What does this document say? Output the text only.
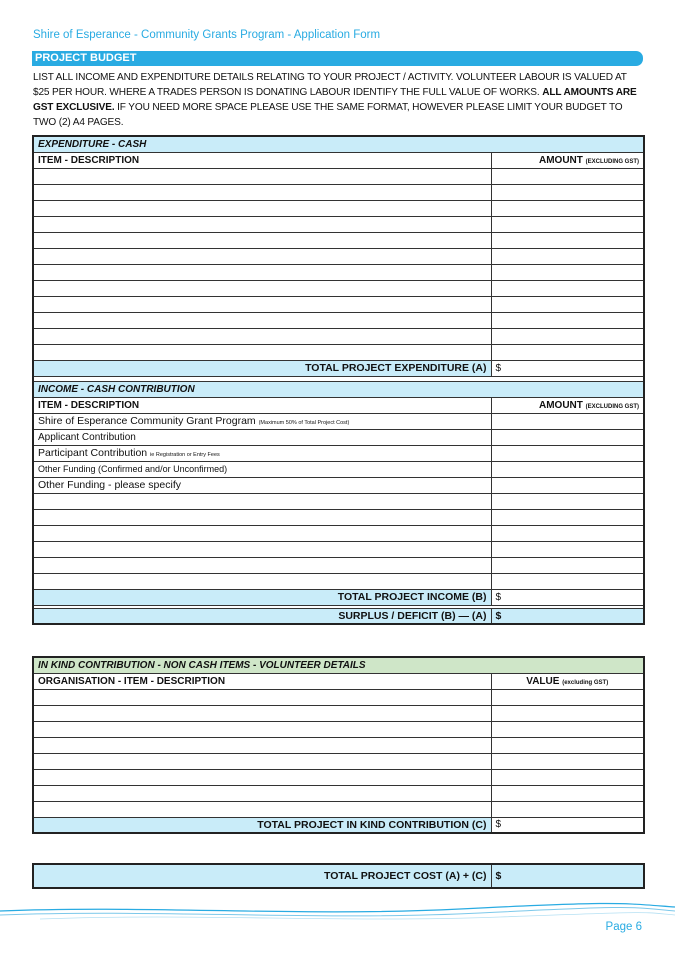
Shire of Esperance - Community Grants Program - Application Form
PROJECT BUDGET
LIST ALL INCOME AND EXPENDITURE DETAILS RELATING TO YOUR PROJECT / ACTIVITY. VOLUNTEER LABOUR IS VALUED AT $25 PER HOUR. WHERE A TRADES PERSON IS DONATING LABOUR IDENTIFY THE FULL VALUE OF WORKS. ALL AMOUNTS ARE GST EXCLUSIVE. IF YOU NEED MORE SPACE PLEASE USE THE SAME FORMAT, HOWEVER PLEASE LIMIT YOUR BUDGET TO TWO (2) A4 PAGES.
EXPENDITURE - CASH	
ITEM - DESCRIPTION	AMOUNT (EXCLUDING GST)

TOTAL PROJECT EXPENDITURE (A)	$

INCOME - CASH CONTRIBUTION	
ITEM - DESCRIPTION	AMOUNT (EXCLUDING GST)
Shire of Esperance Community Grant Program (Maximum 50% of Total Project Cost)	
Applicant Contribution	
Participant Contribution ie Registration or Entry Fees	
Other Funding (Confirmed and/or Unconfirmed)	
Other Funding - please specify	

TOTAL PROJECT INCOME (B)	$

SURPLUS / DEFICIT (B) — (A)	$
IN KIND CONTRIBUTION - NON CASH ITEMS - VOLUNTEER DETAILS	
ORGANISATION - ITEM - DESCRIPTION	VALUE (excluding GST)

TOTAL PROJECT IN KIND CONTRIBUTION (C)	$
TOTAL PROJECT COST (A) + (C)	$
Page 6
